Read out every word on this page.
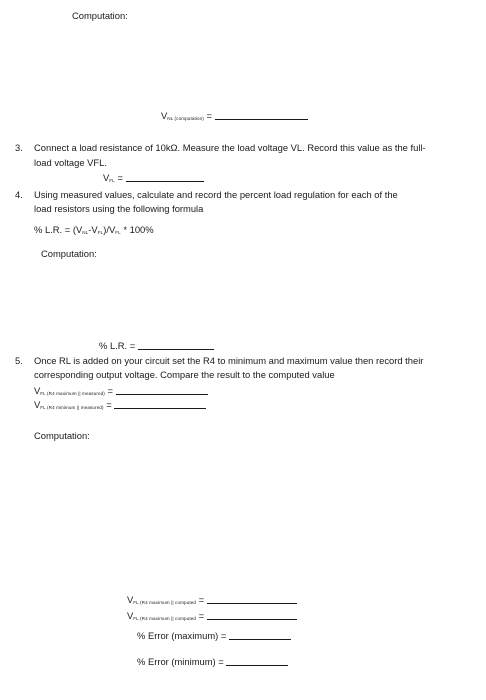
Computation:
$V_{NL (computation)}$ =
3.	Connect a load resistance of 10kΩ. Measure the load voltage VL. Record this value as the full-
load voltage VFL.
$V_{FL}$ =
4.	Using measured values, calculate and record the percent load regulation for each of the
load resistors using the following formula
% L.R. = $(V_{NL}-V_{FL})/V_{FL} * 100\%$
Computation:
% L.R. =
5.	Once RL is added on your circuit set the R4 to minimum and maximum value then record their
corresponding output voltage. Compare the result to the computed value
$V_{FL (R4 maximum || measured)}$ =
$V_{FL (R4 minimum || measured)}$ =
Computation:
$V_{FL (R4 maximum || computed}$ =
$V_{FL (R4 maximum || computed}$ =
% Error (maximum) =
% Error (minimum) =
